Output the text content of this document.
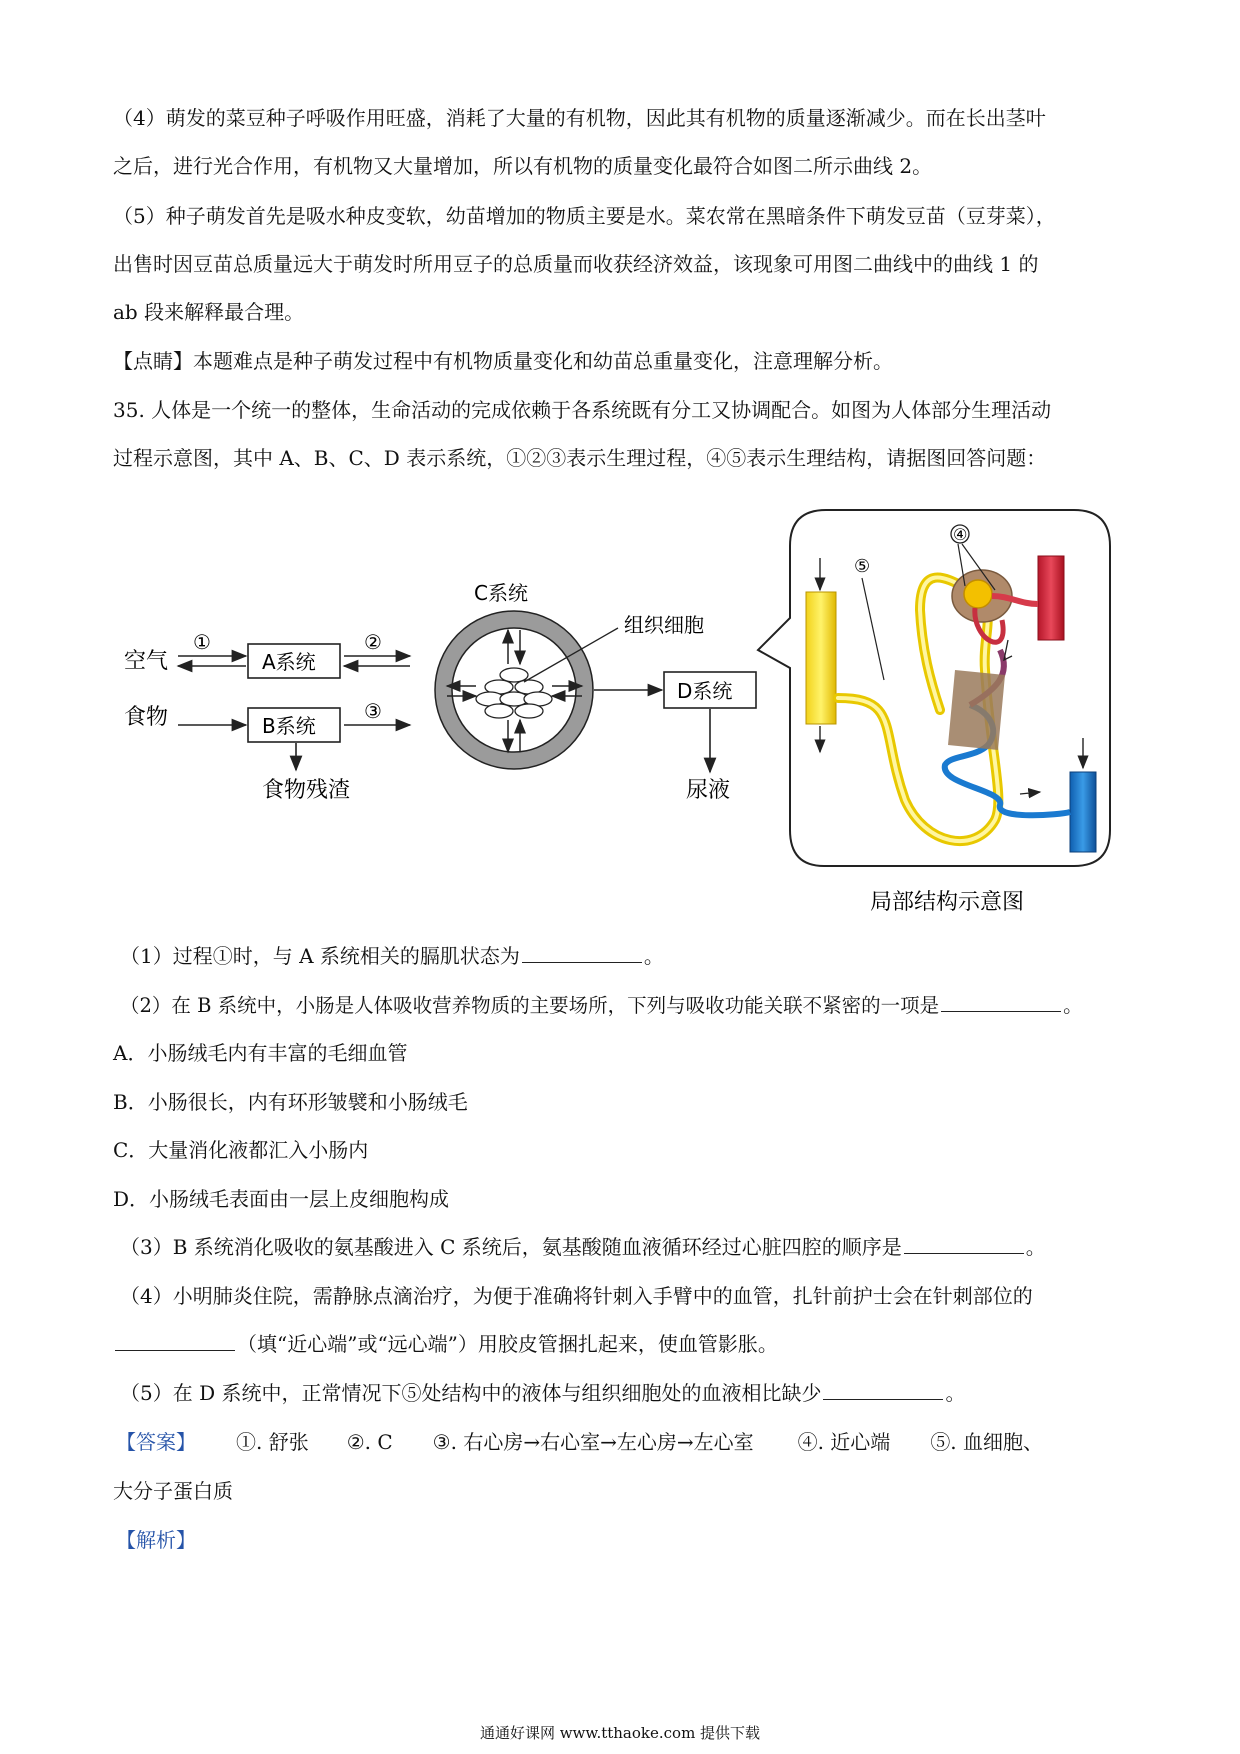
（4）萌发的菜豆种子呼吸作用旺盛，消耗了大量的有机物，因此其有机物的质量逐渐减少。而在长出茎叶
之后，进行光合作用，有机物又大量增加，所以有机物的质量变化最符合如图二所示曲线 2。
（5）种子萌发首先是吸水种皮变软，幼苗增加的物质主要是水。菜农常在黑暗条件下萌发豆苗（豆芽菜），
出售时因豆苗总质量远大于萌发时所用豆子的总质量而收获经济效益，该现象可用图二曲线中的曲线 1 的
ab 段来解释最合理。
【点睛】本题难点是种子萌发过程中有机物质量变化和幼苗总重量变化，注意理解分析。
35. 人体是一个统一的整体，生命活动的完成依赖于各系统既有分工又协调配合。如图为人体部分生理活动
过程示意图，其中 A、B、C、D 表示系统，①②③表示生理过程，④⑤表示生理结构，请据图回答问题：
空气
食物
①
A系统
②
B系统
③
食物残渣
C系统
组织细胞
D系统
尿液
④
⑤
局部结构示意图
（1）过程①时，与 A 系统相关的膈肌状态为	。
（2）在 B 系统中，小肠是人体吸收营养物质的主要场所，下列与吸收功能关联不紧密的一项是	。
A．小肠绒毛内有丰富的毛细血管
B．小肠很长，内有环形皱襞和小肠绒毛
C．大量消化液都汇入小肠内
D．小肠绒毛表面由一层上皮细胞构成
（3）B 系统消化吸收的氨基酸进入 C 系统后，氨基酸随血液循环经过心脏四腔的顺序是	。
（4）小明肺炎住院，需静脉点滴治疗，为便于准确将针刺入手臂中的血管，扎针前护士会在针刺部位的
（填“近心端”或“远心端”）用胶皮管捆扎起来，使血管影胀。
（5）在 D 系统中，正常情况下⑤处结构中的液体与组织细胞处的血液相比缺少	。
【答案】 ①. 舒张 ②. C ③. 右心房→右心室→左心房→左心室 ④. 近心端 ⑤. 血细胞、
大分子蛋白质
【解析】
通通好课网 www.tthaoke.com 提供下载
